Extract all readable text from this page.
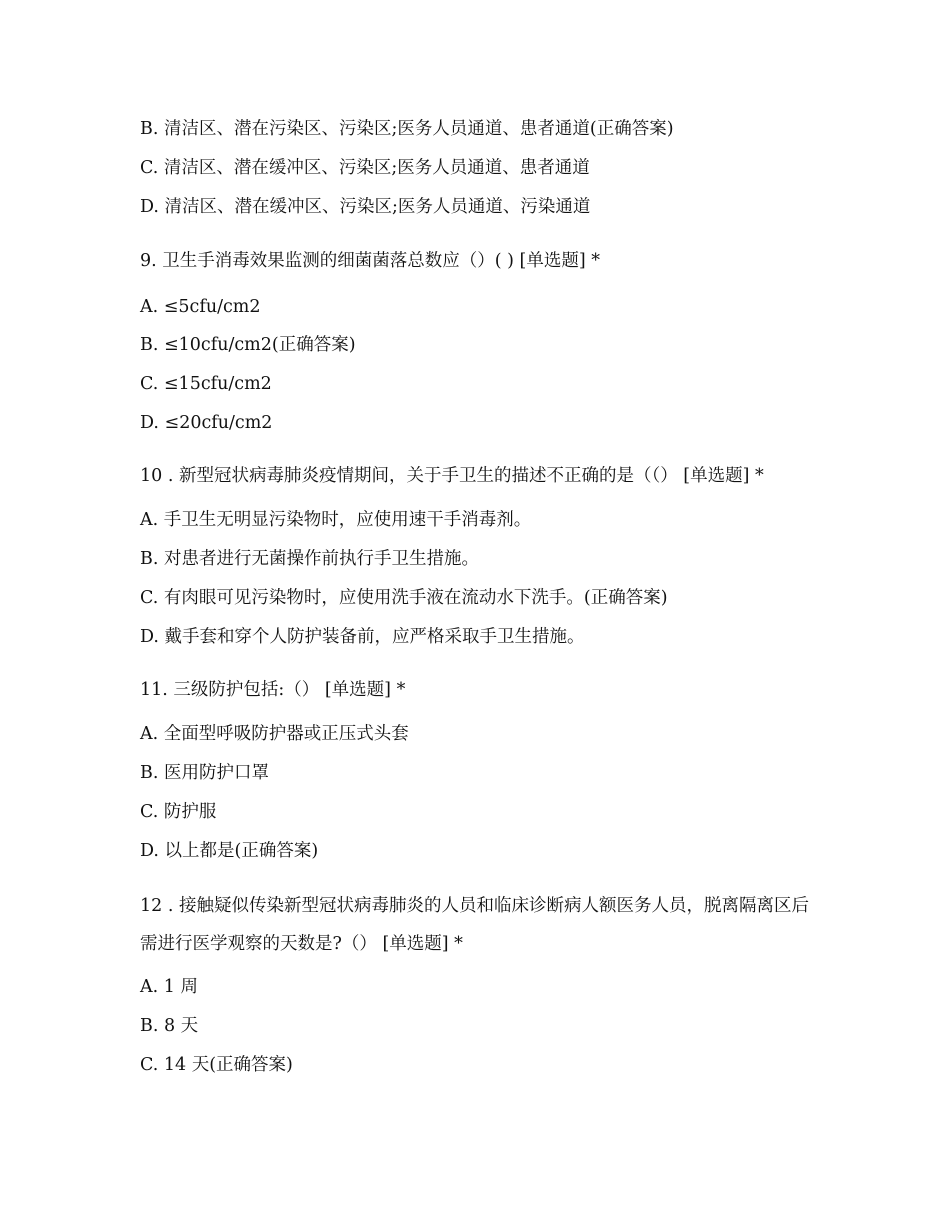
B. 清洁区、潜在污染区、污染区;医务人员通道、患者通道(正确答案)
C. 清洁区、潜在缓冲区、污染区;医务人员通道、患者通道
D. 清洁区、潜在缓冲区、污染区;医务人员通道、污染通道
9. 卫生手消毒效果监测的细菌菌落总数应（）( ) [单选题] *
A. ≤5cfu/cm2
B. ≤10cfu/cm2(正确答案)
C. ≤15cfu/cm2
D. ≤20cfu/cm2
10 . 新型冠状病毒肺炎疫情期间，关于手卫生的描述不正确的是（（） [单选题] *
A. 手卫生无明显污染物时，应使用速干手消毒剂。
B. 对患者进行无菌操作前执行手卫生措施。
C. 有肉眼可见污染物时，应使用洗手液在流动水下洗手。(正确答案)
D. 戴手套和穿个人防护装备前，应严格采取手卫生措施。
11. 三级防护包括:（） [单选题] *
A. 全面型呼吸防护器或正压式头套
B. 医用防护口罩
C. 防护服
D. 以上都是(正确答案)
12 . 接触疑似传染新型冠状病毒肺炎的人员和临床诊断病人额医务人员，脱离隔离区后需进行医学观察的天数是?（） [单选题] *
A. 1 周
B. 8 天
C. 14 天(正确答案)
